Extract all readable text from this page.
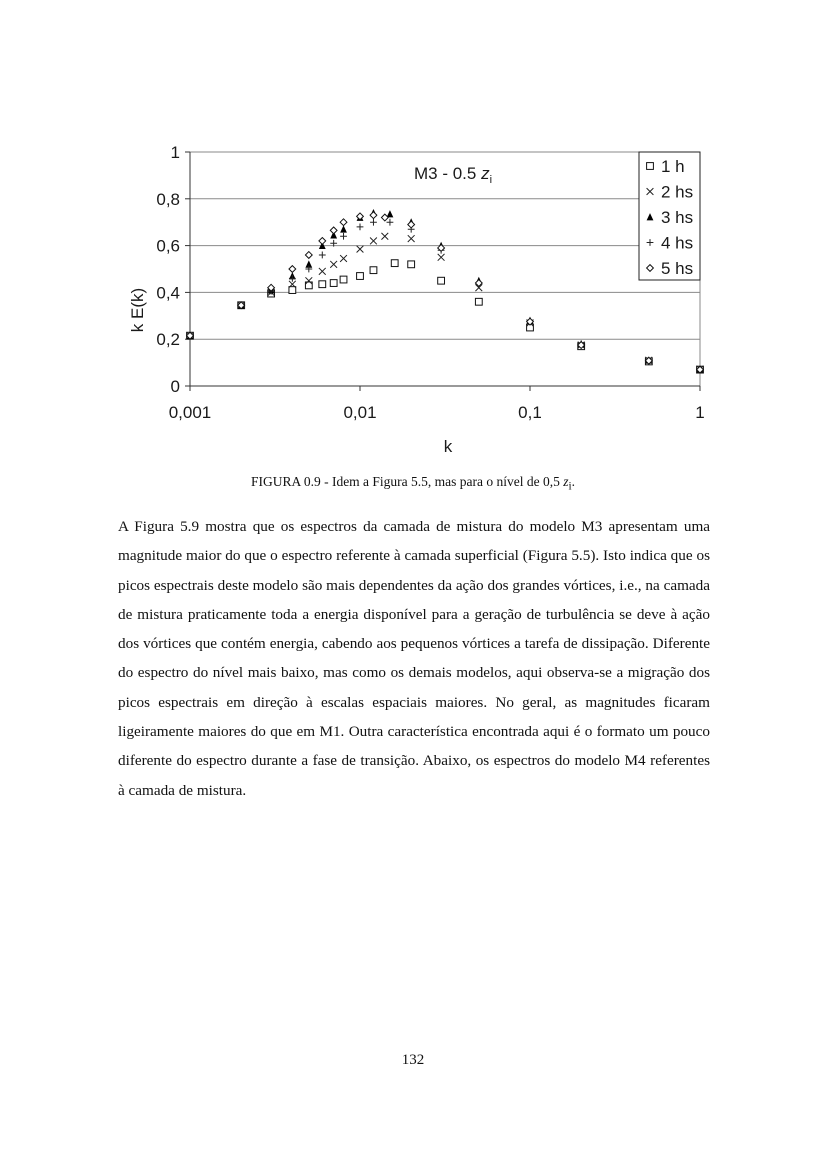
0
0,2
0,4
0,6
0,8
1
0,001	0,01	0,1	1
M3 - 0.5 $z_i$
k
k E(k)
1 h
2 hs
3 hs
4 hs
5 hs
FIGURA 0.9 - Idem a Figura 5.5, mas para o nível de 0,5 $z_i$.

A Figura 5.9 mostra que os espectros da camada de mistura do modelo M3 apresentam uma magnitude maior do que o espectro referente à camada superficial (Figura 5.5). Isto indica que os picos espectrais deste modelo são mais dependentes da ação dos grandes vórtices, i.e., na camada de mistura praticamente toda a energia disponível para a geração de turbulência se deve à ação dos vórtices que contém energia, cabendo aos pequenos vórtices a tarefa de dissipação. Diferente do espectro do nível mais baixo, mas como os demais modelos, aqui observa-se a migração dos picos espectrais em direção à escalas espaciais maiores. No geral, as magnitudes ficaram ligeiramente maiores do que em M1. Outra característica encontrada aqui é o formato um pouco diferente do espectro durante a fase de transição. Abaixo, os espectros do modelo M4 referentes à camada de mistura.

132
